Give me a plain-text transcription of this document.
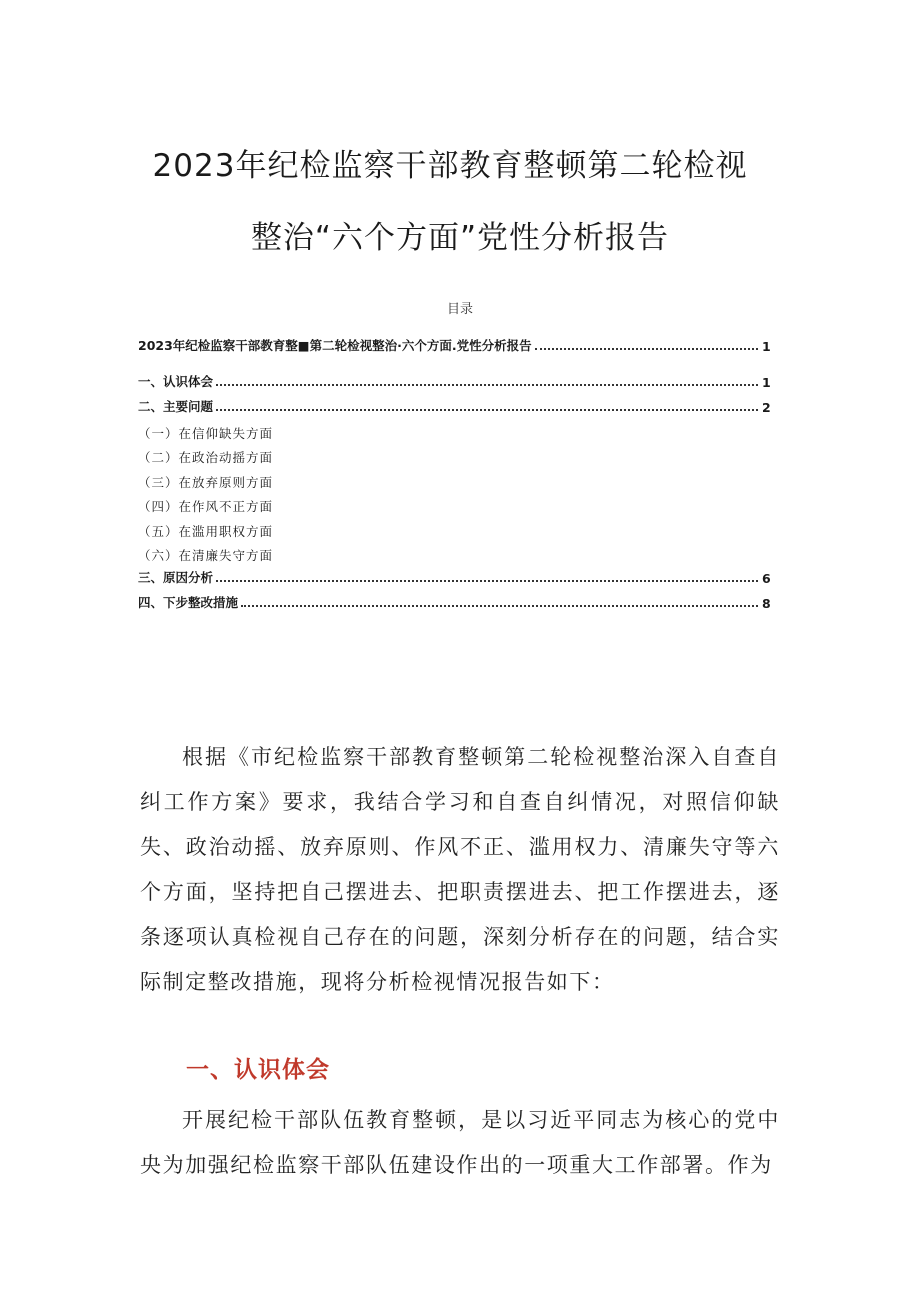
2023年纪检监察干部教育整顿第二轮检视
整治“六个方面”党性分析报告
目录
2023年纪检监察干部教育整■第二轮检视整治·六个方面.党性分析报告	1
一、认识体会	1
二、主要问题	2
（一）在信仰缺失方面
（二）在政治动摇方面
（三）在放弃原则方面
（四）在作风不正方面
（五）在滥用职权方面
（六）在清廉失守方面
三、原因分析	6
四、下步整改措施	8

根据《市纪检监察干部教育整顿第二轮检视整治深入自查自纠工作方案》要求，我结合学习和自查自纠情况，对照信仰缺失、政治动摇、放弃原则、作风不正、滥用权力、清廉失守等六个方面，坚持把自己摆进去、把职责摆进去、把工作摆进去，逐条逐项认真检视自己存在的问题，深刻分析存在的问题，结合实际制定整改措施，现将分析检视情况报告如下：

一、认识体会

开展纪检干部队伍教育整顿，是以习近平同志为核心的党中央为加强纪检监察干部队伍建设作出的一项重大工作部署。作为
